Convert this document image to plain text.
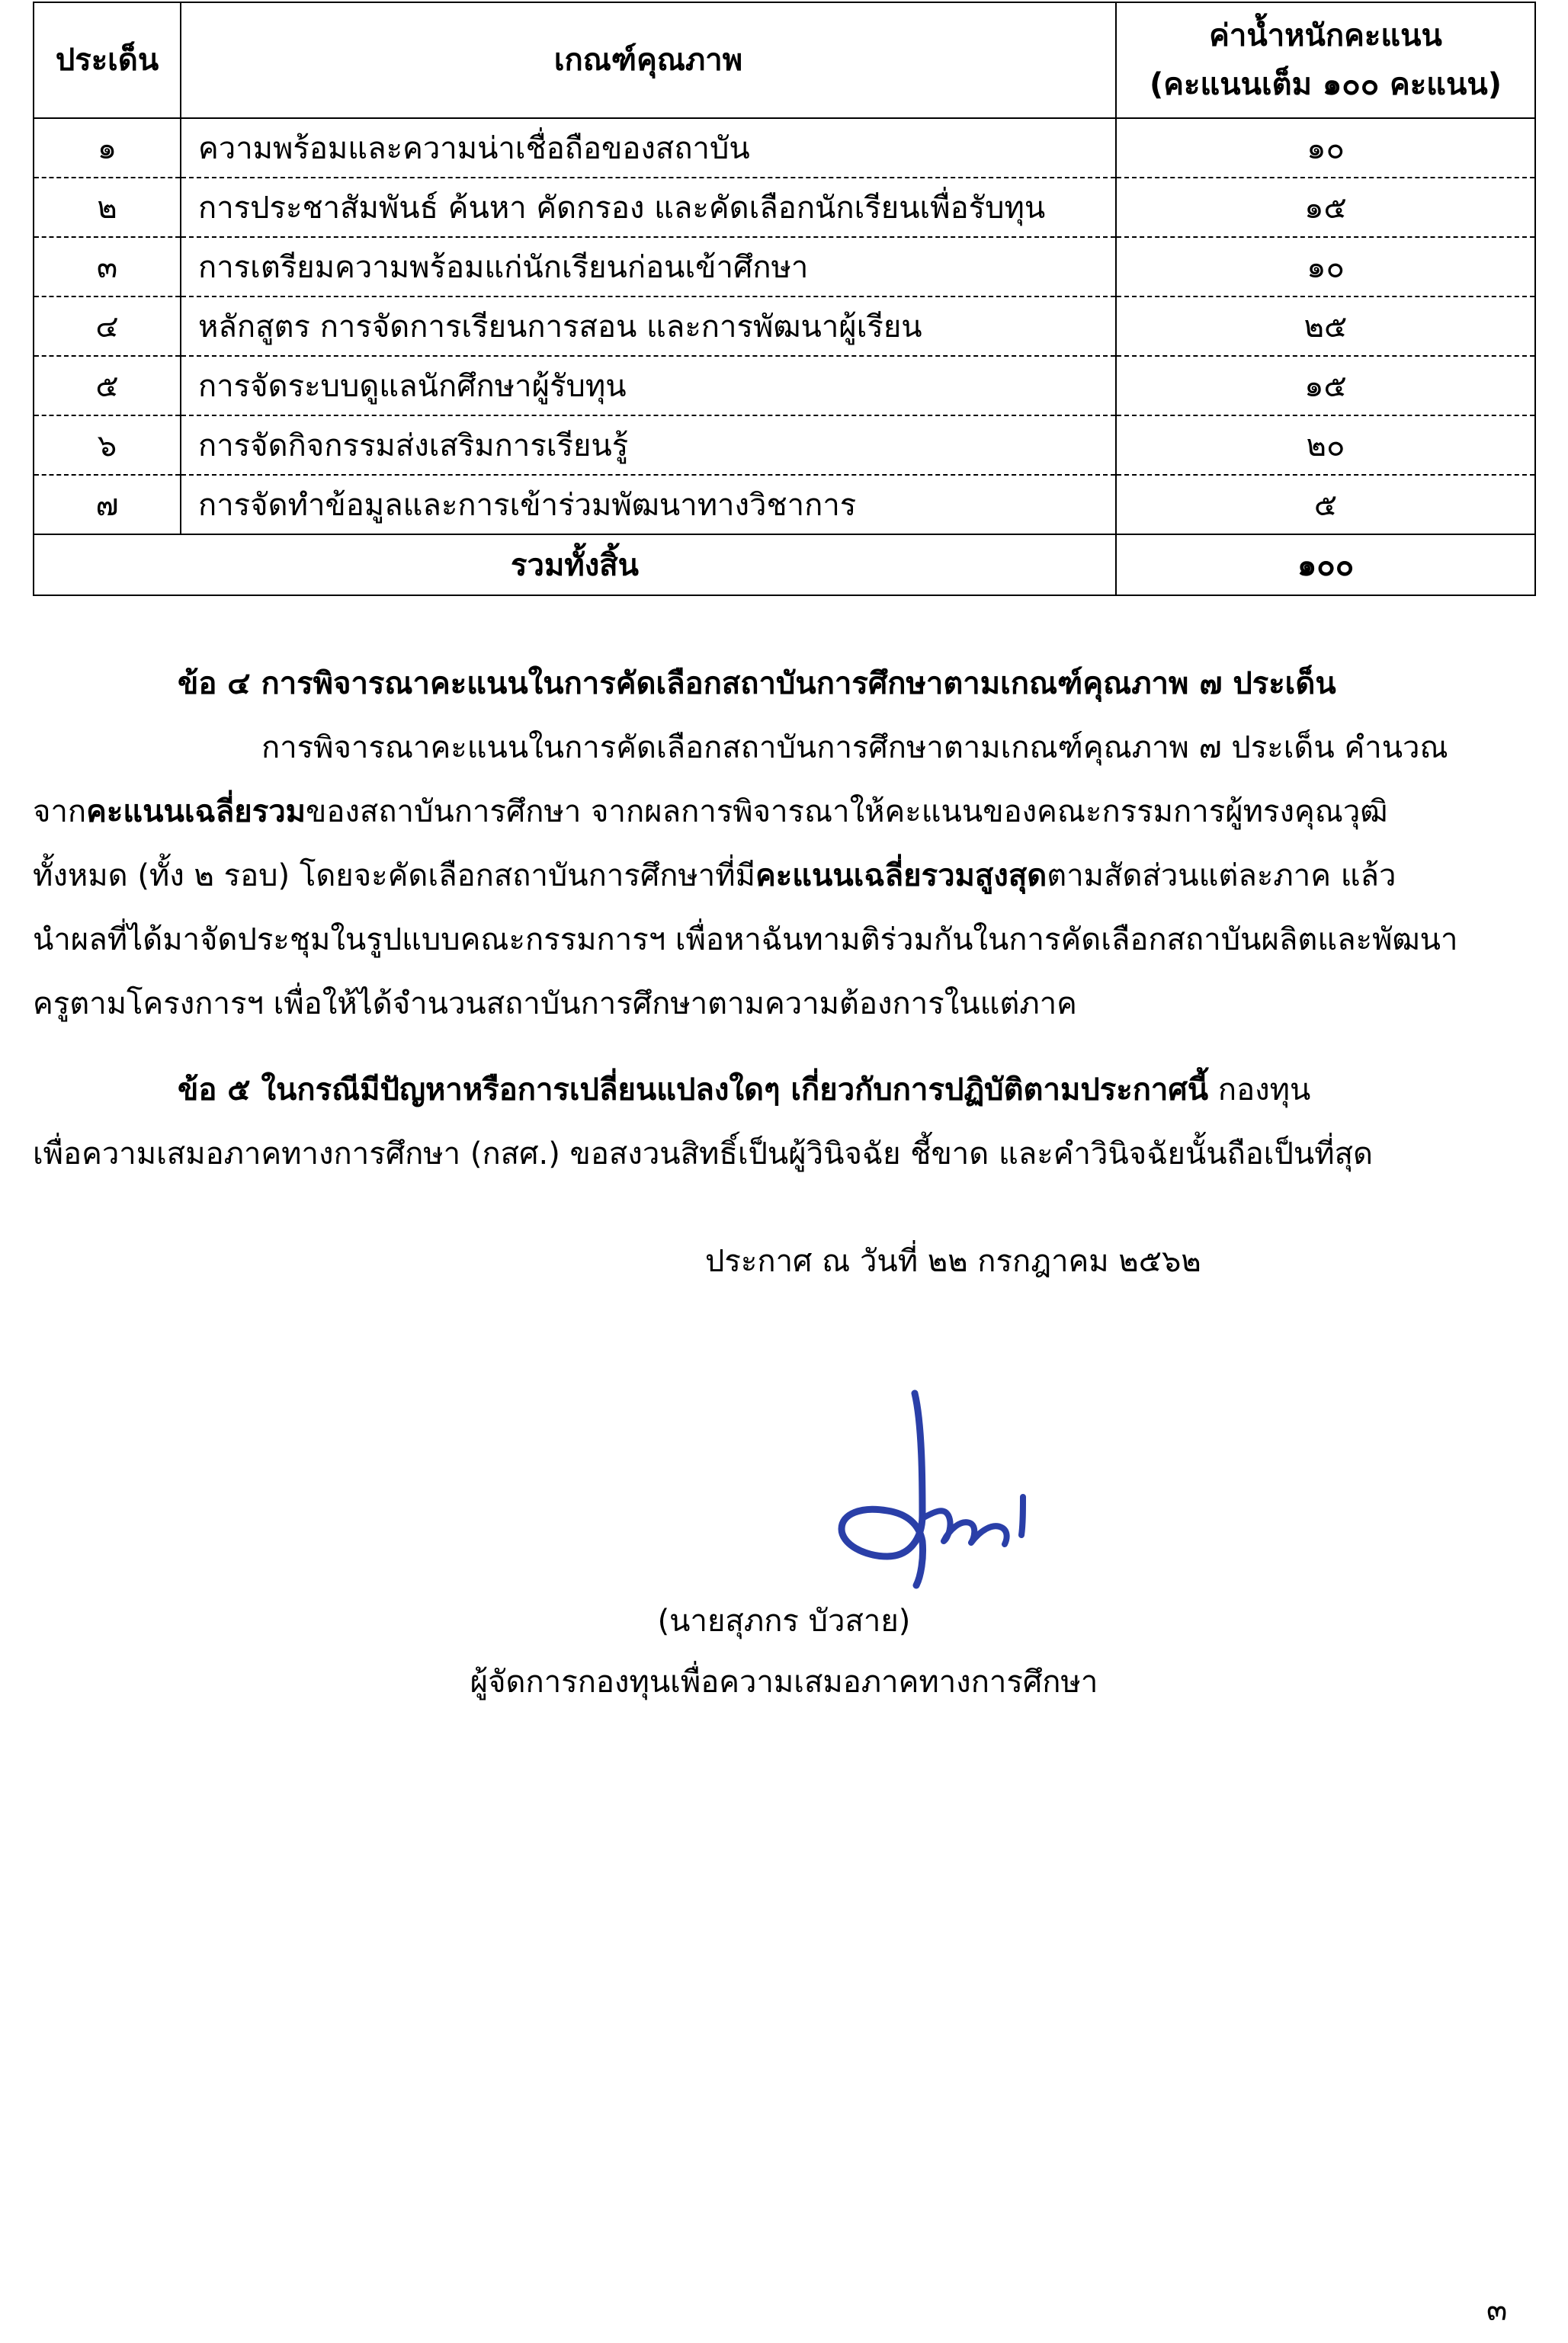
ประเด็น	เกณฑ์คุณภาพ	ค่าน้ำหนักคะแนน
(คะแนนเต็ม ๑๐๐ คะแนน)

๑	ความพร้อมและความน่าเชื่อถือของสถาบัน	๑๐
๒	การประชาสัมพันธ์ ค้นหา คัดกรอง และคัดเลือกนักเรียนเพื่อรับทุน	๑๕
๓	การเตรียมความพร้อมแก่นักเรียนก่อนเข้าศึกษา	๑๐
๔	หลักสูตร การจัดการเรียนการสอน และการพัฒนาผู้เรียน	๒๕
๕	การจัดระบบดูแลนักศึกษาผู้รับทุน	๑๕
๖	การจัดกิจกรรมส่งเสริมการเรียนรู้	๒๐
๗	การจัดทำข้อมูลและการเข้าร่วมพัฒนาทางวิชาการ	๕
รวมทั้งสิ้น		๑๐๐
ข้อ ๔ การพิจารณาคะแนนในการคัดเลือกสถาบันการศึกษาตามเกณฑ์คุณภาพ ๗ ประเด็น
การพิจารณาคะแนนในการคัดเลือกสถาบันการศึกษาตามเกณฑ์คุณภาพ ๗ ประเด็น คำนวณ
จากคะแนนเฉลี่ยรวมของสถาบันการศึกษา จากผลการพิจารณาให้คะแนนของคณะกรรมการผู้ทรงคุณวุฒิ
ทั้งหมด (ทั้ง ๒ รอบ) โดยจะคัดเลือกสถาบันการศึกษาที่มีคะแนนเฉลี่ยรวมสูงสุดตามสัดส่วนแต่ละภาค แล้ว
นำผลที่ได้มาจัดประชุมในรูปแบบคณะกรรมการฯ เพื่อหาฉันทามติร่วมกันในการคัดเลือกสถาบันผลิตและพัฒนา
ครูตามโครงการฯ เพื่อให้ได้จำนวนสถาบันการศึกษาตามความต้องการในแต่ภาค
ข้อ ๕ ในกรณีมีปัญหาหรือการเปลี่ยนแปลงใดๆ เกี่ยวกับการปฏิบัติตามประกาศนี้ กองทุน
เพื่อความเสมอภาคทางการศึกษา (กสศ.) ขอสงวนสิทธิ์เป็นผู้วินิจฉัย ชี้ขาด และคำวินิจฉัยนั้นถือเป็นที่สุด
ประกาศ ณ วันที่ ๒๒ กรกฎาคม ๒๕๖๒
(นายสุภกร บัวสาย)
ผู้จัดการกองทุนเพื่อความเสมอภาคทางการศึกษา
๓
